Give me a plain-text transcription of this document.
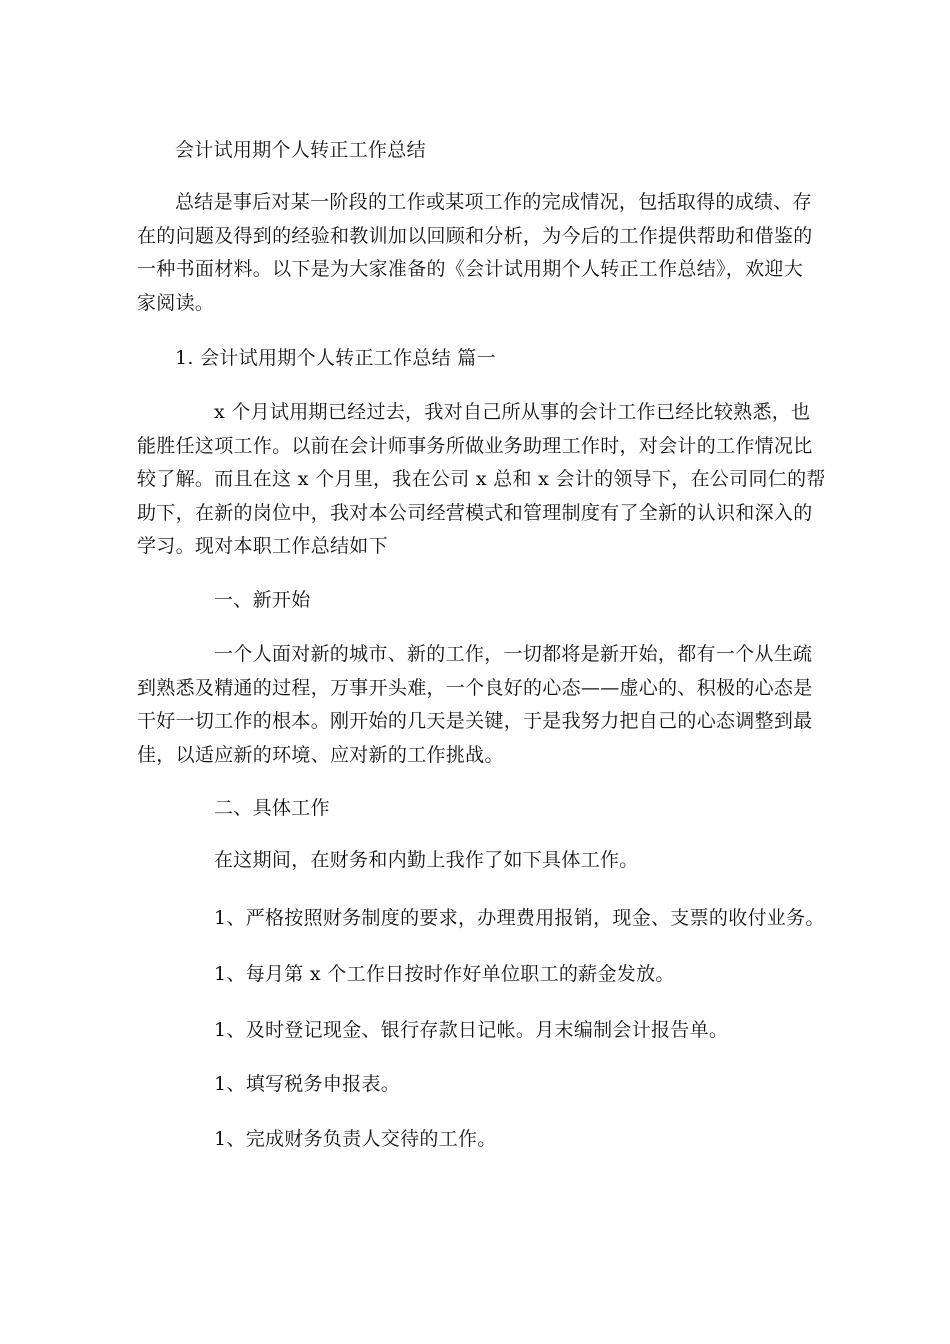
会计试用期个人转正工作总结
总结是事后对某一阶段的工作或某项工作的完成情况，包括取得的成绩、存
在的问题及得到的经验和教训加以回顾和分析，为今后的工作提供帮助和借鉴的
一种书面材料。以下是为大家准备的《会计试用期个人转正工作总结》，欢迎大
家阅读。
1. 会计试用期个人转正工作总结 篇一
x 个月试用期已经过去，我对自己所从事的会计工作已经比较熟悉，也
能胜任这项工作。以前在会计师事务所做业务助理工作时，对会计的工作情况比
较了解。而且在这 x 个月里，我在公司 x 总和 x 会计的领导下，在公司同仁的帮
助下，在新的岗位中，我对本公司经营模式和管理制度有了全新的认识和深入的
学习。现对本职工作总结如下
一、新开始
一个人面对新的城市、新的工作，一切都将是新开始，都有一个从生疏
到熟悉及精通的过程，万事开头难，一个良好的心态——虚心的、积极的心态是
干好一切工作的根本。刚开始的几天是关键，于是我努力把自己的心态调整到最
佳，以适应新的环境、应对新的工作挑战。
二、具体工作
在这期间，在财务和内勤上我作了如下具体工作。
1、严格按照财务制度的要求，办理费用报销，现金、支票的收付业务。
1、每月第 x 个工作日按时作好单位职工的薪金发放。
1、及时登记现金、银行存款日记帐。月末编制会计报告单。
1、填写税务申报表。
1、完成财务负责人交待的工作。
